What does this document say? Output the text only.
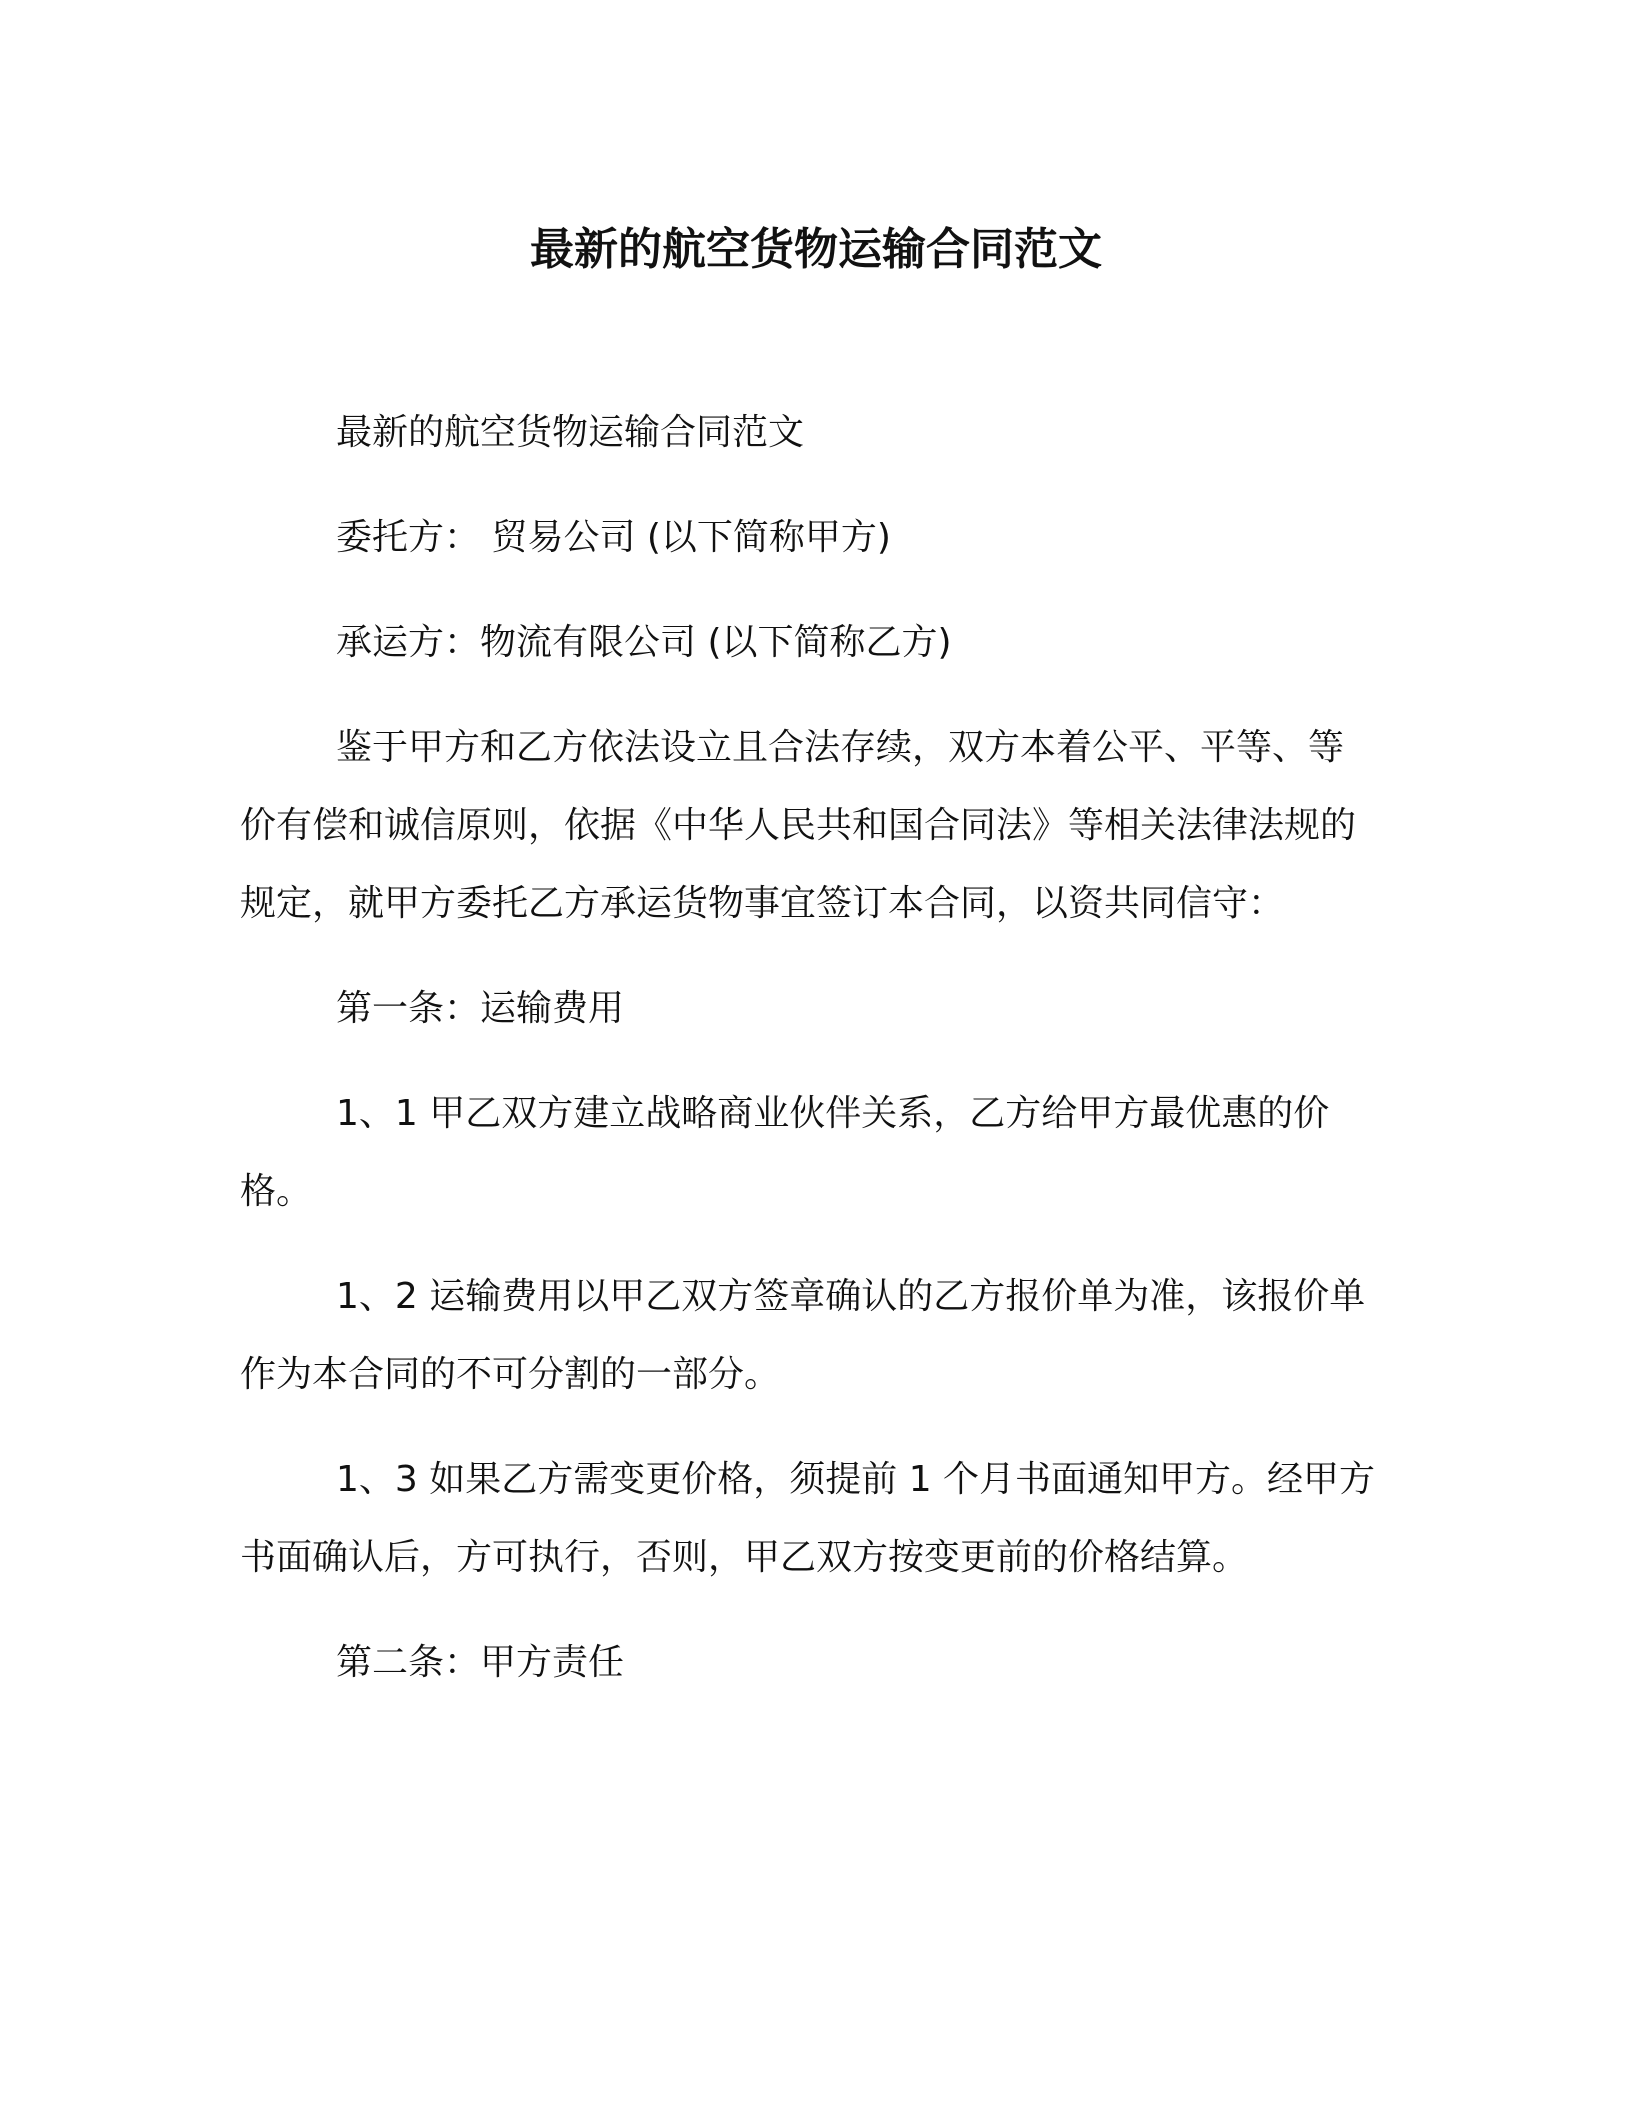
最新的航空货物运输合同范文

最新的航空货物运输合同范文

委托方： 贸易公司 (以下简称甲方)

承运方：物流有限公司 (以下简称乙方)

鉴于甲方和乙方依法设立且合法存续，双方本着公平、平等、等价有偿和诚信原则，依据《中华人民共和国合同法》等相关法律法规的规定，就甲方委托乙方承运货物事宜签订本合同，以资共同信守：

第一条：运输费用

1、1 甲乙双方建立战略商业伙伴关系，乙方给甲方最优惠的价格。

1、2 运输费用以甲乙双方签章确认的乙方报价单为准，该报价单作为本合同的不可分割的一部分。

1、3 如果乙方需变更价格，须提前 1 个月书面通知甲方。经甲方书面确认后，方可执行，否则，甲乙双方按变更前的价格结算。

第二条：甲方责任
